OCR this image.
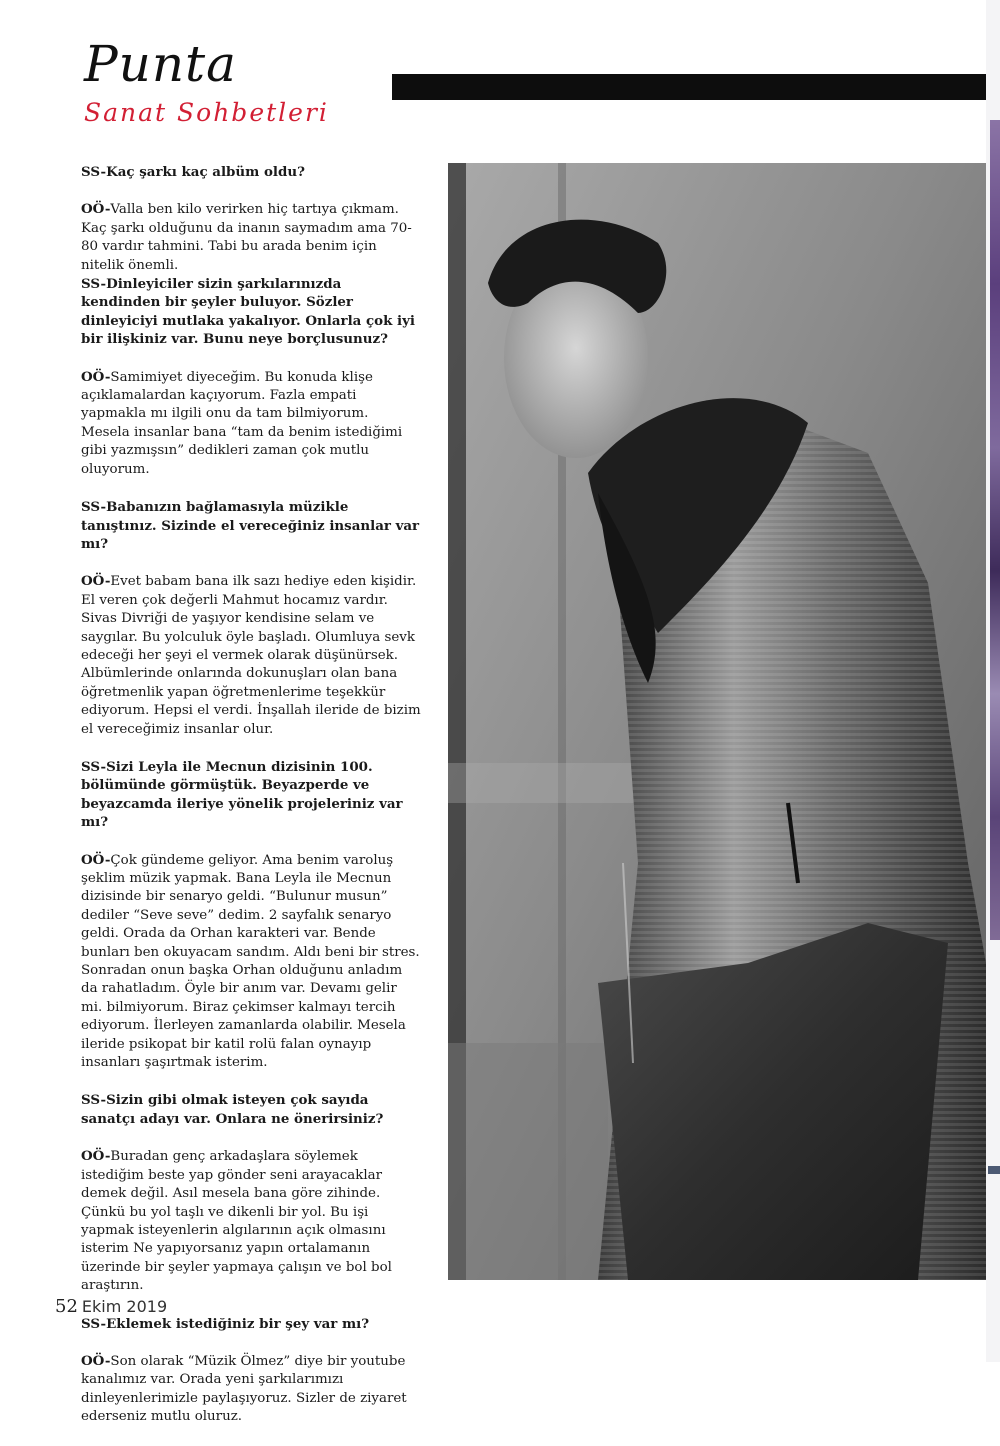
Punta
Sanat Sohbetleri

SS-Kaç şarkı kaç albüm oldu?

OÖ-Valla ben kilo verirken hiç tartıya çıkmam. Kaç şarkı olduğunu da inanın saymadım ama 70-80 vardır tahmini. Tabi bu arada benim için nitelik önemli.

SS-Dinleyiciler sizin şarkılarınızda kendinden bir şeyler buluyor. Sözler dinleyiciyi mutlaka yakalıyor. Onlarla çok iyi bir ilişkiniz var. Bunu neye borçlusunuz?

OÖ-Samimiyet diyeceğim. Bu konuda klişe açıklamalardan kaçıyorum. Fazla empati yapmakla mı ilgili onu da tam bilmiyorum. Mesela insanlar bana “tam da benim istediğimi gibi yazmışsın” dedikleri zaman çok mutlu oluyorum.

SS-Babanızın bağlamasıyla müzikle tanıştınız. Sizinde el vereceğiniz insanlar var mı?

OÖ-Evet babam bana ilk sazı hediye eden kişidir. El veren çok değerli Mahmut hocamız vardır. Sivas Divriği de yaşıyor kendisine selam ve saygılar. Bu yolculuk öyle başladı. Olumluya sevk edeceği her şeyi el vermek olarak düşünürsek. Albümlerinde onlarında dokunuşları olan bana öğretmenlik yapan öğretmenlerime teşekkür ediyorum. Hepsi el verdi. İnşallah ileride de bizim el vereceğimiz insanlar olur.

SS-Sizi Leyla ile Mecnun dizisinin 100. bölümünde görmüştük. Beyazperde ve beyazcamda ileriye yönelik projeleriniz var mı?

OÖ-Çok gündeme geliyor. Ama benim varoluş şeklim müzik yapmak. Bana Leyla ile Mecnun dizisinde bir senaryo geldi. “Bulunur musun” dediler “Seve seve” dedim. 2 sayfalık senaryo geldi. Orada da Orhan karakteri var. Bende bunları ben okuyacam sandım. Aldı beni bir stres. Sonradan onun başka Orhan olduğunu anladım da rahatladım. Öyle bir anım var. Devamı gelir mi. bilmiyorum. Biraz çekimser kalmayı tercih ediyorum. İlerleyen zamanlarda olabilir. Mesela ileride psikopat bir katil rolü falan oynayıp insanları şaşırtmak isterim.

SS-Sizin gibi olmak isteyen çok sayıda sanatçı adayı var. Onlara ne önerirsiniz?

OÖ-Buradan genç arkadaşlara söylemek istediğim beste yap gönder seni arayacaklar demek değil. Asıl mesela bana göre zihinde. Çünkü bu yol taşlı ve dikenli bir yol. Bu işi yapmak isteyenlerin algılarının açık olmasını isterim Ne yapıyorsanız yapın ortalamanın üzerinde bir şeyler yapmaya çalışın ve bol bol araştırın.

SS-Eklemek istediğiniz bir şey var mı?

OÖ-Son olarak “Müzik Ölmez” diye bir youtube kanalımız var. Orada yeni şarkılarımızı dinleyenlerimizle paylaşıyoruz. Sizler de ziyaret ederseniz mutlu oluruz.

52 Ekim 2019
